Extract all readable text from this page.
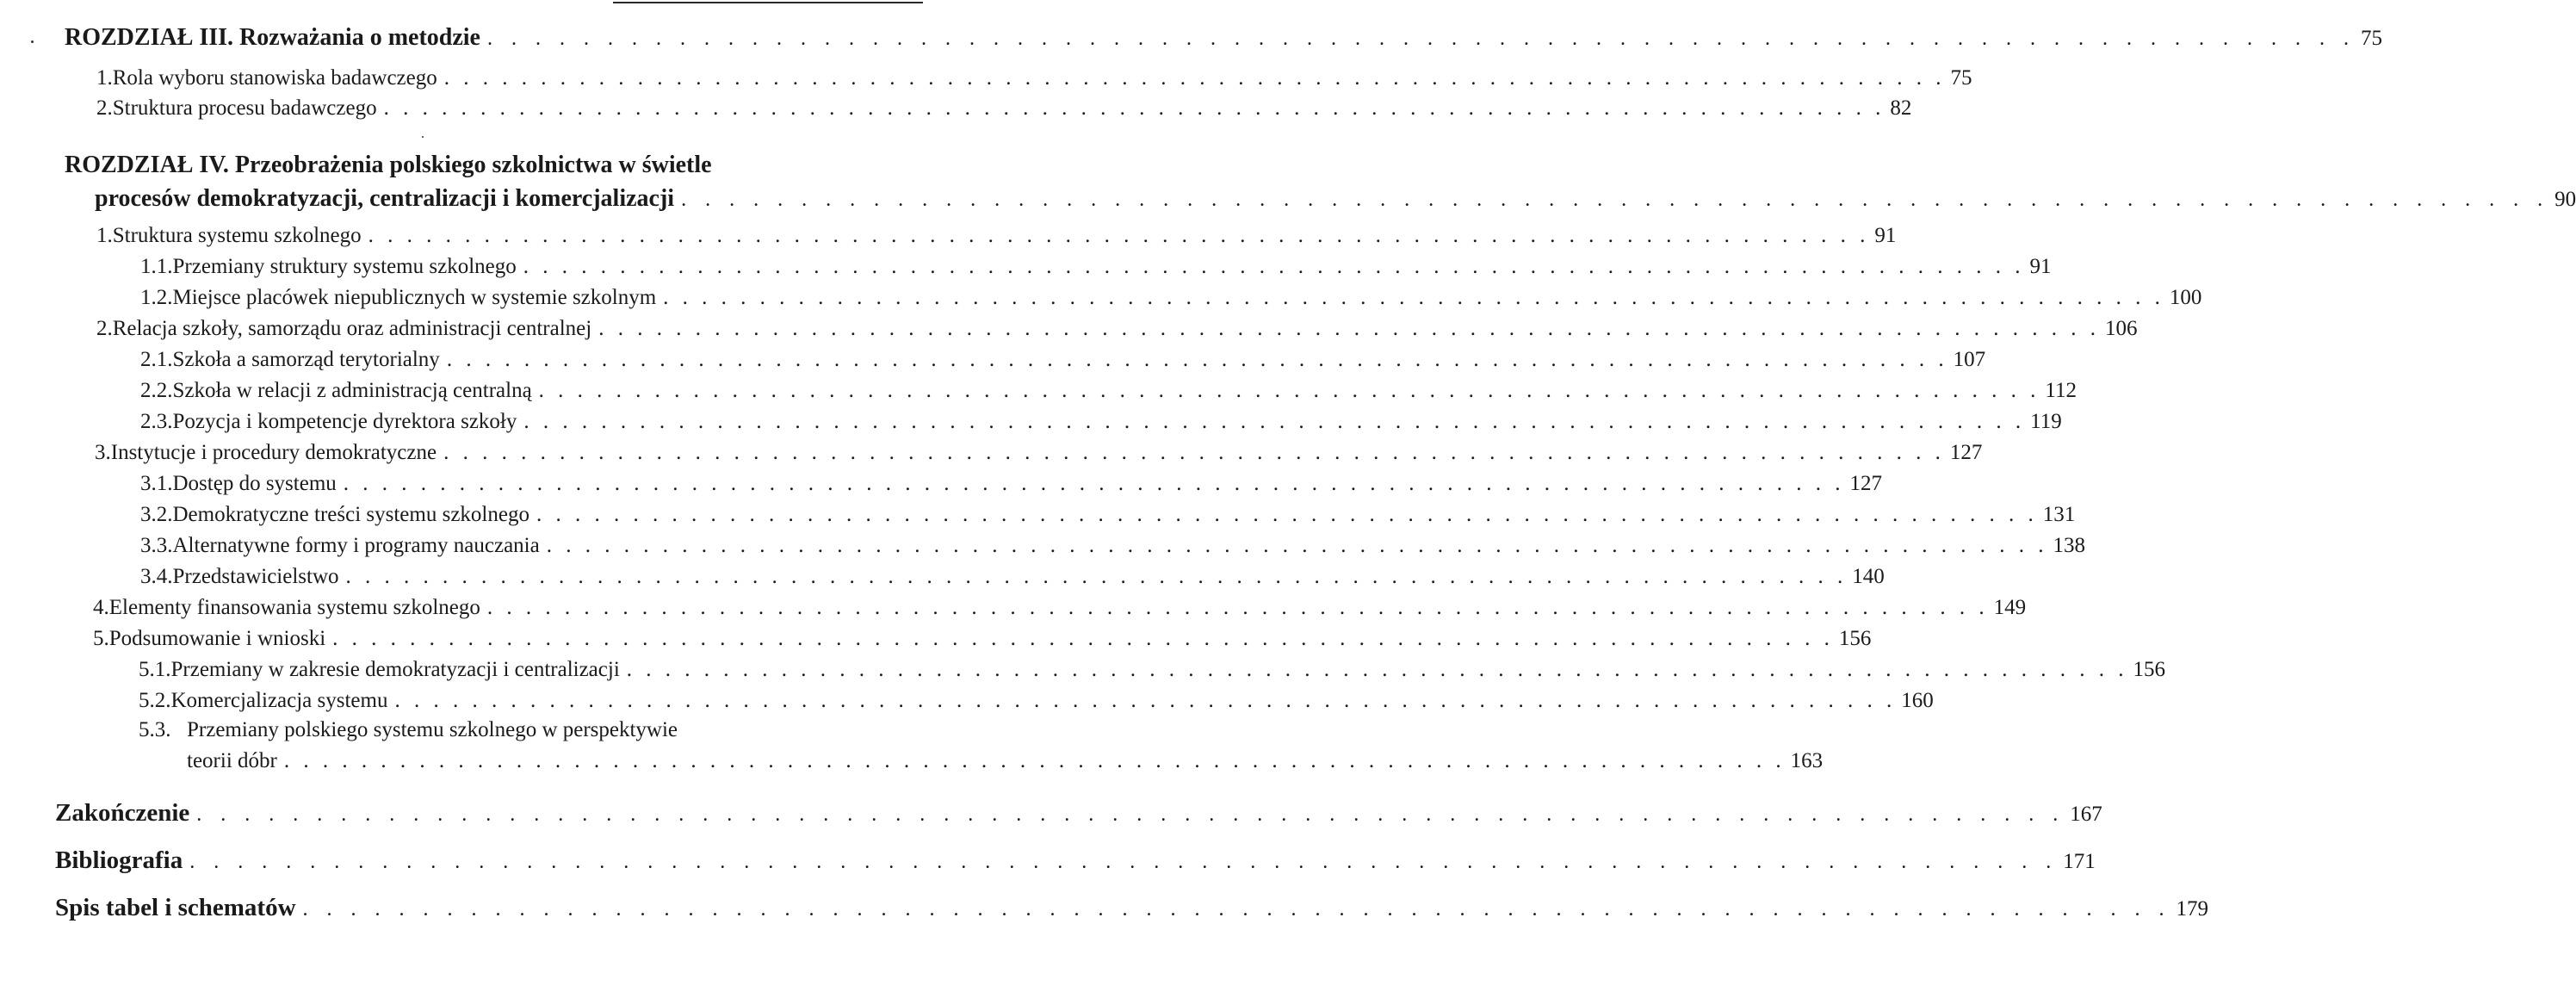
ROZDZIAŁ III. Rozważania o metodzie . . . . . . . . . . . . . . . . . . . . . . . . . . . . . . . . . . . . . . . . . . . . . . . . . . . . . . . . . . . . . . . . . . . . . . . . . . . . . . 75
1. Rola wyboru stanowiska badawczego . . . . . . . . . . . . . . . . . . . . . . . . . . . . . . . . . . . . . . . . . . . . . . . . . . . . . . . . . . . . . . . . . . . . . . . . . . . . . . 75
2. Struktura procesu badawczego . . . . . . . . . . . . . . . . . . . . . . . . . . . . . . . . . . . . . . . . . . . . . . . . . . . . . . . . . . . . . . . . . . . . . . . . . . . . . . 82
ROZDZIAŁ IV. Przeobrażenia polskiego szkolnictwa w świetle
procesów demokratyzacji, centralizacji i komercjalizacji . . . . . . . . . . . . . . . . . . . . . . . . . . . . . . . . . . . . . . . . . . . . . . . . . . . . . . . . . . . . . . . . . . . . . . . . . . . . . . 90
1. Struktura systemu szkolnego . . . . . . . . . . . . . . . . . . . . . . . . . . . . . . . . . . . . . . . . . . . . . . . . . . . . . . . . . . . . . . . . . . . . . . . . . . . . . . 91
1.1. Przemiany struktury systemu szkolnego . . . . . . . . . . . . . . . . . . . . . . . . . . . . . . . . . . . . . . . . . . . . . . . . . . . . . . . . . . . . . . . . . . . . . . . . . . . . . . 91
1.2. Miejsce placówek niepublicznych w systemie szkolnym . . . . . . . . . . . . . . . . . . . . . . . . . . . . . . . . . . . . . . . . . . . . . . . . . . . . . . . . . . . . . . . . . . . . . . . . . . . . . . 100
2. Relacja szkoły, samorządu oraz administracji centralnej . . . . . . . . . . . . . . . . . . . . . . . . . . . . . . . . . . . . . . . . . . . . . . . . . . . . . . . . . . . . . . . . . . . . . . . . . . . . . . 106
2.1. Szkoła a samorząd terytorialny . . . . . . . . . . . . . . . . . . . . . . . . . . . . . . . . . . . . . . . . . . . . . . . . . . . . . . . . . . . . . . . . . . . . . . . . . . . . . . 107
2.2. Szkoła w relacji z administracją centralną . . . . . . . . . . . . . . . . . . . . . . . . . . . . . . . . . . . . . . . . . . . . . . . . . . . . . . . . . . . . . . . . . . . . . . . . . . . . . . 112
2.3. Pozycja i kompetencje dyrektora szkoły . . . . . . . . . . . . . . . . . . . . . . . . . . . . . . . . . . . . . . . . . . . . . . . . . . . . . . . . . . . . . . . . . . . . . . . . . . . . . . 119
3. Instytucje i procedury demokratyczne . . . . . . . . . . . . . . . . . . . . . . . . . . . . . . . . . . . . . . . . . . . . . . . . . . . . . . . . . . . . . . . . . . . . . . . . . . . . . . 127
3.1. Dostęp do systemu . . . . . . . . . . . . . . . . . . . . . . . . . . . . . . . . . . . . . . . . . . . . . . . . . . . . . . . . . . . . . . . . . . . . . . . . . . . . . . 127
3.2. Demokratyczne treści systemu szkolnego . . . . . . . . . . . . . . . . . . . . . . . . . . . . . . . . . . . . . . . . . . . . . . . . . . . . . . . . . . . . . . . . . . . . . . . . . . . . . . 131
3.3. Alternatywne formy i programy nauczania . . . . . . . . . . . . . . . . . . . . . . . . . . . . . . . . . . . . . . . . . . . . . . . . . . . . . . . . . . . . . . . . . . . . . . . . . . . . . . 138
3.4. Przedstawicielstwo . . . . . . . . . . . . . . . . . . . . . . . . . . . . . . . . . . . . . . . . . . . . . . . . . . . . . . . . . . . . . . . . . . . . . . . . . . . . . . 140
4. Elementy finansowania systemu szkolnego . . . . . . . . . . . . . . . . . . . . . . . . . . . . . . . . . . . . . . . . . . . . . . . . . . . . . . . . . . . . . . . . . . . . . . . . . . . . . . 149
5. Podsumowanie i wnioski . . . . . . . . . . . . . . . . . . . . . . . . . . . . . . . . . . . . . . . . . . . . . . . . . . . . . . . . . . . . . . . . . . . . . . . . . . . . . . 156
5.1. Przemiany w zakresie demokratyzacji i centralizacji . . . . . . . . . . . . . . . . . . . . . . . . . . . . . . . . . . . . . . . . . . . . . . . . . . . . . . . . . . . . . . . . . . . . . . . . . . . . . . 156
5.2. Komercjalizacja systemu . . . . . . . . . . . . . . . . . . . . . . . . . . . . . . . . . . . . . . . . . . . . . . . . . . . . . . . . . . . . . . . . . . . . . . . . . . . . . . 160
5.3. Przemiany polskiego systemu szkolnego w perspektywie
teorii dóbr . . . . . . . . . . . . . . . . . . . . . . . . . . . . . . . . . . . . . . . . . . . . . . . . . . . . . . . . . . . . . . . . . . . . . . . . . . . . . . 163
Zakończenie . . . . . . . . . . . . . . . . . . . . . . . . . . . . . . . . . . . . . . . . . . . . . . . . . . . . . . . . . . . . . . . . . . . . . . . . . . . . . . 167
Bibliografia . . . . . . . . . . . . . . . . . . . . . . . . . . . . . . . . . . . . . . . . . . . . . . . . . . . . . . . . . . . . . . . . . . . . . . . . . . . . . . 171
Spis tabel i schematów . . . . . . . . . . . . . . . . . . . . . . . . . . . . . . . . . . . . . . . . . . . . . . . . . . . . . . . . . . . . . . . . . . . . . . . . . . . . . . 179
